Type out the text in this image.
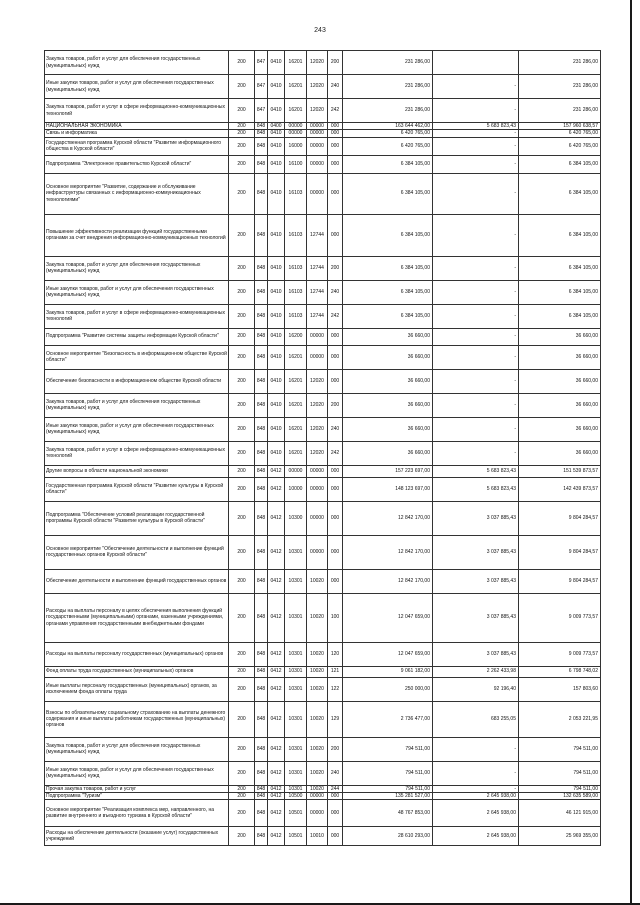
243
Закупка товаров, работ и услуг для обеспечения государственных (муниципальных) нужд	200	847	0410	16201	12020	200	231 286,00		231 286,00
Иные закупки товаров, работ и услуг для обеспечения государственных (муниципальных) нужд	200	847	0410	16201	12020	240	231 286,00	-	231 286,00
Закупка товаров, работ и услуг в сфере информационно-коммуникационных технологий	200	847	0410	16201	12020	242	231 286,00	-	231 286,00
НАЦИОНАЛЬНАЯ ЭКОНОМИКА	200	848	0400	00000	00000	000	163 644 462,00	5 683 823,43	157 960 638,57
Связь и информатика	200	848	0410	00000	00000	000	6 420 765,00	-	6 420 765,00
Государственная программа Курской области "Развитие информационного общества в Курской области"	200	848	0410	16000	00000	000	6 420 765,00	-	6 420 765,00
Подпрограмма "Электронное правительство Курской области"	200	848	0410	16100	00000	000	6 384 105,00	-	6 384 105,00
Основное мероприятие "Развитие, содержание и обслуживание инфраструктуры связанных с информационно-коммуникационных технологиями"	200	848	0410	16103	00000	000	6 384 105,00	-	6 384 105,00
Повышение эффективности реализации функций государственными органами за счет внедрения информационно-коммуникационных технологий	200	848	0410	16103	12744	000	6 384 105,00	-	6 384 105,00
Закупка товаров, работ и услуг для обеспечения государственных (муниципальных) нужд	200	848	0410	16103	12744	200	6 384 105,00	-	6 384 105,00
Иные закупки товаров, работ и услуг для обеспечения государственных (муниципальных) нужд	200	848	0410	16103	12744	240	6 384 105,00	-	6 384 105,00
Закупка товаров, работ и услуг в сфере информационно-коммуникационных технологий	200	848	0410	16103	12744	242	6 384 105,00	-	6 384 105,00
Подпрограмма "Развитие системы защиты информации Курской области"	200	848	0410	16200	00000	000	36 660,00	-	36 660,00
Основное мероприятие "Безопасность в информационном обществе Курской области"	200	848	0410	16201	00000	000	36 660,00	-	36 660,00
Обеспечение безопасности в информационном обществе Курской области	200	848	0410	16201	12020	000	36 660,00	-	36 660,00
Закупка товаров, работ и услуг для обеспечения государственных (муниципальных) нужд	200	848	0410	16201	12020	200	36 660,00	-	36 660,00
Иные закупки товаров, работ и услуг для обеспечения государственных (муниципальных) нужд	200	848	0410	16201	12020	240	36 660,00	-	36 660,00
Закупка товаров, работ и услуг в сфере информационно-коммуникационных технологий	200	848	0410	16201	12020	242	36 660,00	-	36 660,00
Другие вопросы в области национальной экономики	200	848	0412	00000	00000	000	157 223 697,00	5 683 823,43	151 539 873,57
Государственная программа Курской области "Развитие культуры в Курской области"	200	848	0412	10000	00000	000	148 123 697,00	5 683 823,43	142 439 873,57
Подпрограмма "Обеспечение условий реализации государственной программы Курской области "Развитие культуры в Курской области"	200	848	0412	10300	00000	000	12 842 170,00	3 037 885,43	9 804 284,57
Основное мероприятие "Обеспечение деятельности и выполнение функций государственных органов Курской области"	200	848	0412	10301	00000	000	12 842 170,00	3 037 885,43	9 804 284,57
Обеспечение деятельности и выполнение функций государственных органов	200	848	0412	10301	10020	000	12 842 170,00	3 037 885,43	9 804 284,57
Расходы на выплаты персоналу в целях обеспечения выполнения функций государственными (муниципальными) органами, казенными учреждениями, органами управления государственными внебюджетными фондами	200	848	0412	10301	10020	100	12 047 659,00	3 037 885,43	9 009 773,57
Расходы на выплаты персоналу государственных (муниципальных) органов	200	848	0412	10301	10020	120	12 047 659,00	3 037 885,43	9 009 773,57
Фонд оплаты труда государственных (муниципальных) органов	200	848	0412	10301	10020	121	9 061 182,00	2 262 433,98	6 798 748,02
Иные выплаты персоналу государственных (муниципальных) органов, за исключением фонда оплаты труда	200	848	0412	10301	10020	122	250 000,00	92 196,40	157 803,60
Взносы по обязательному социальному страхованию на выплаты денежного содержания и иные выплаты работникам государственных (муниципальных) органов	200	848	0412	10301	10020	129	2 736 477,00	683 255,05	2 053 221,95
Закупка товаров, работ и услуг для обеспечения государственных (муниципальных) нужд	200	848	0412	10301	10020	200	794 511,00	-	794 511,00
Иные закупки товаров, работ и услуг для обеспечения государственных (муниципальных) нужд	200	848	0412	10301	10020	240	794 511,00	-	794 511,00
Прочая закупка товаров, работ и услуг	200	848	0412	10301	10020	244	794 511,00	-	794 511,00
Подпрограмма "Туризм"	200	848	0412	10500	00000	000	135 281 527,00	2 645 938,00	132 635 589,00
Основное мероприятие "Реализация комплекса мер, направленного, на развитие внутреннего и въездного туризма в Курской области"	200	848	0412	10501	00000	000	48 767 853,00	2 645 938,00	46 121 915,00
Расходы на обеспечение деятельности (оказание услуг) государственных учреждений	200	848	0412	10501	10010	000	28 610 293,00	2 645 938,00	25 969 355,00
